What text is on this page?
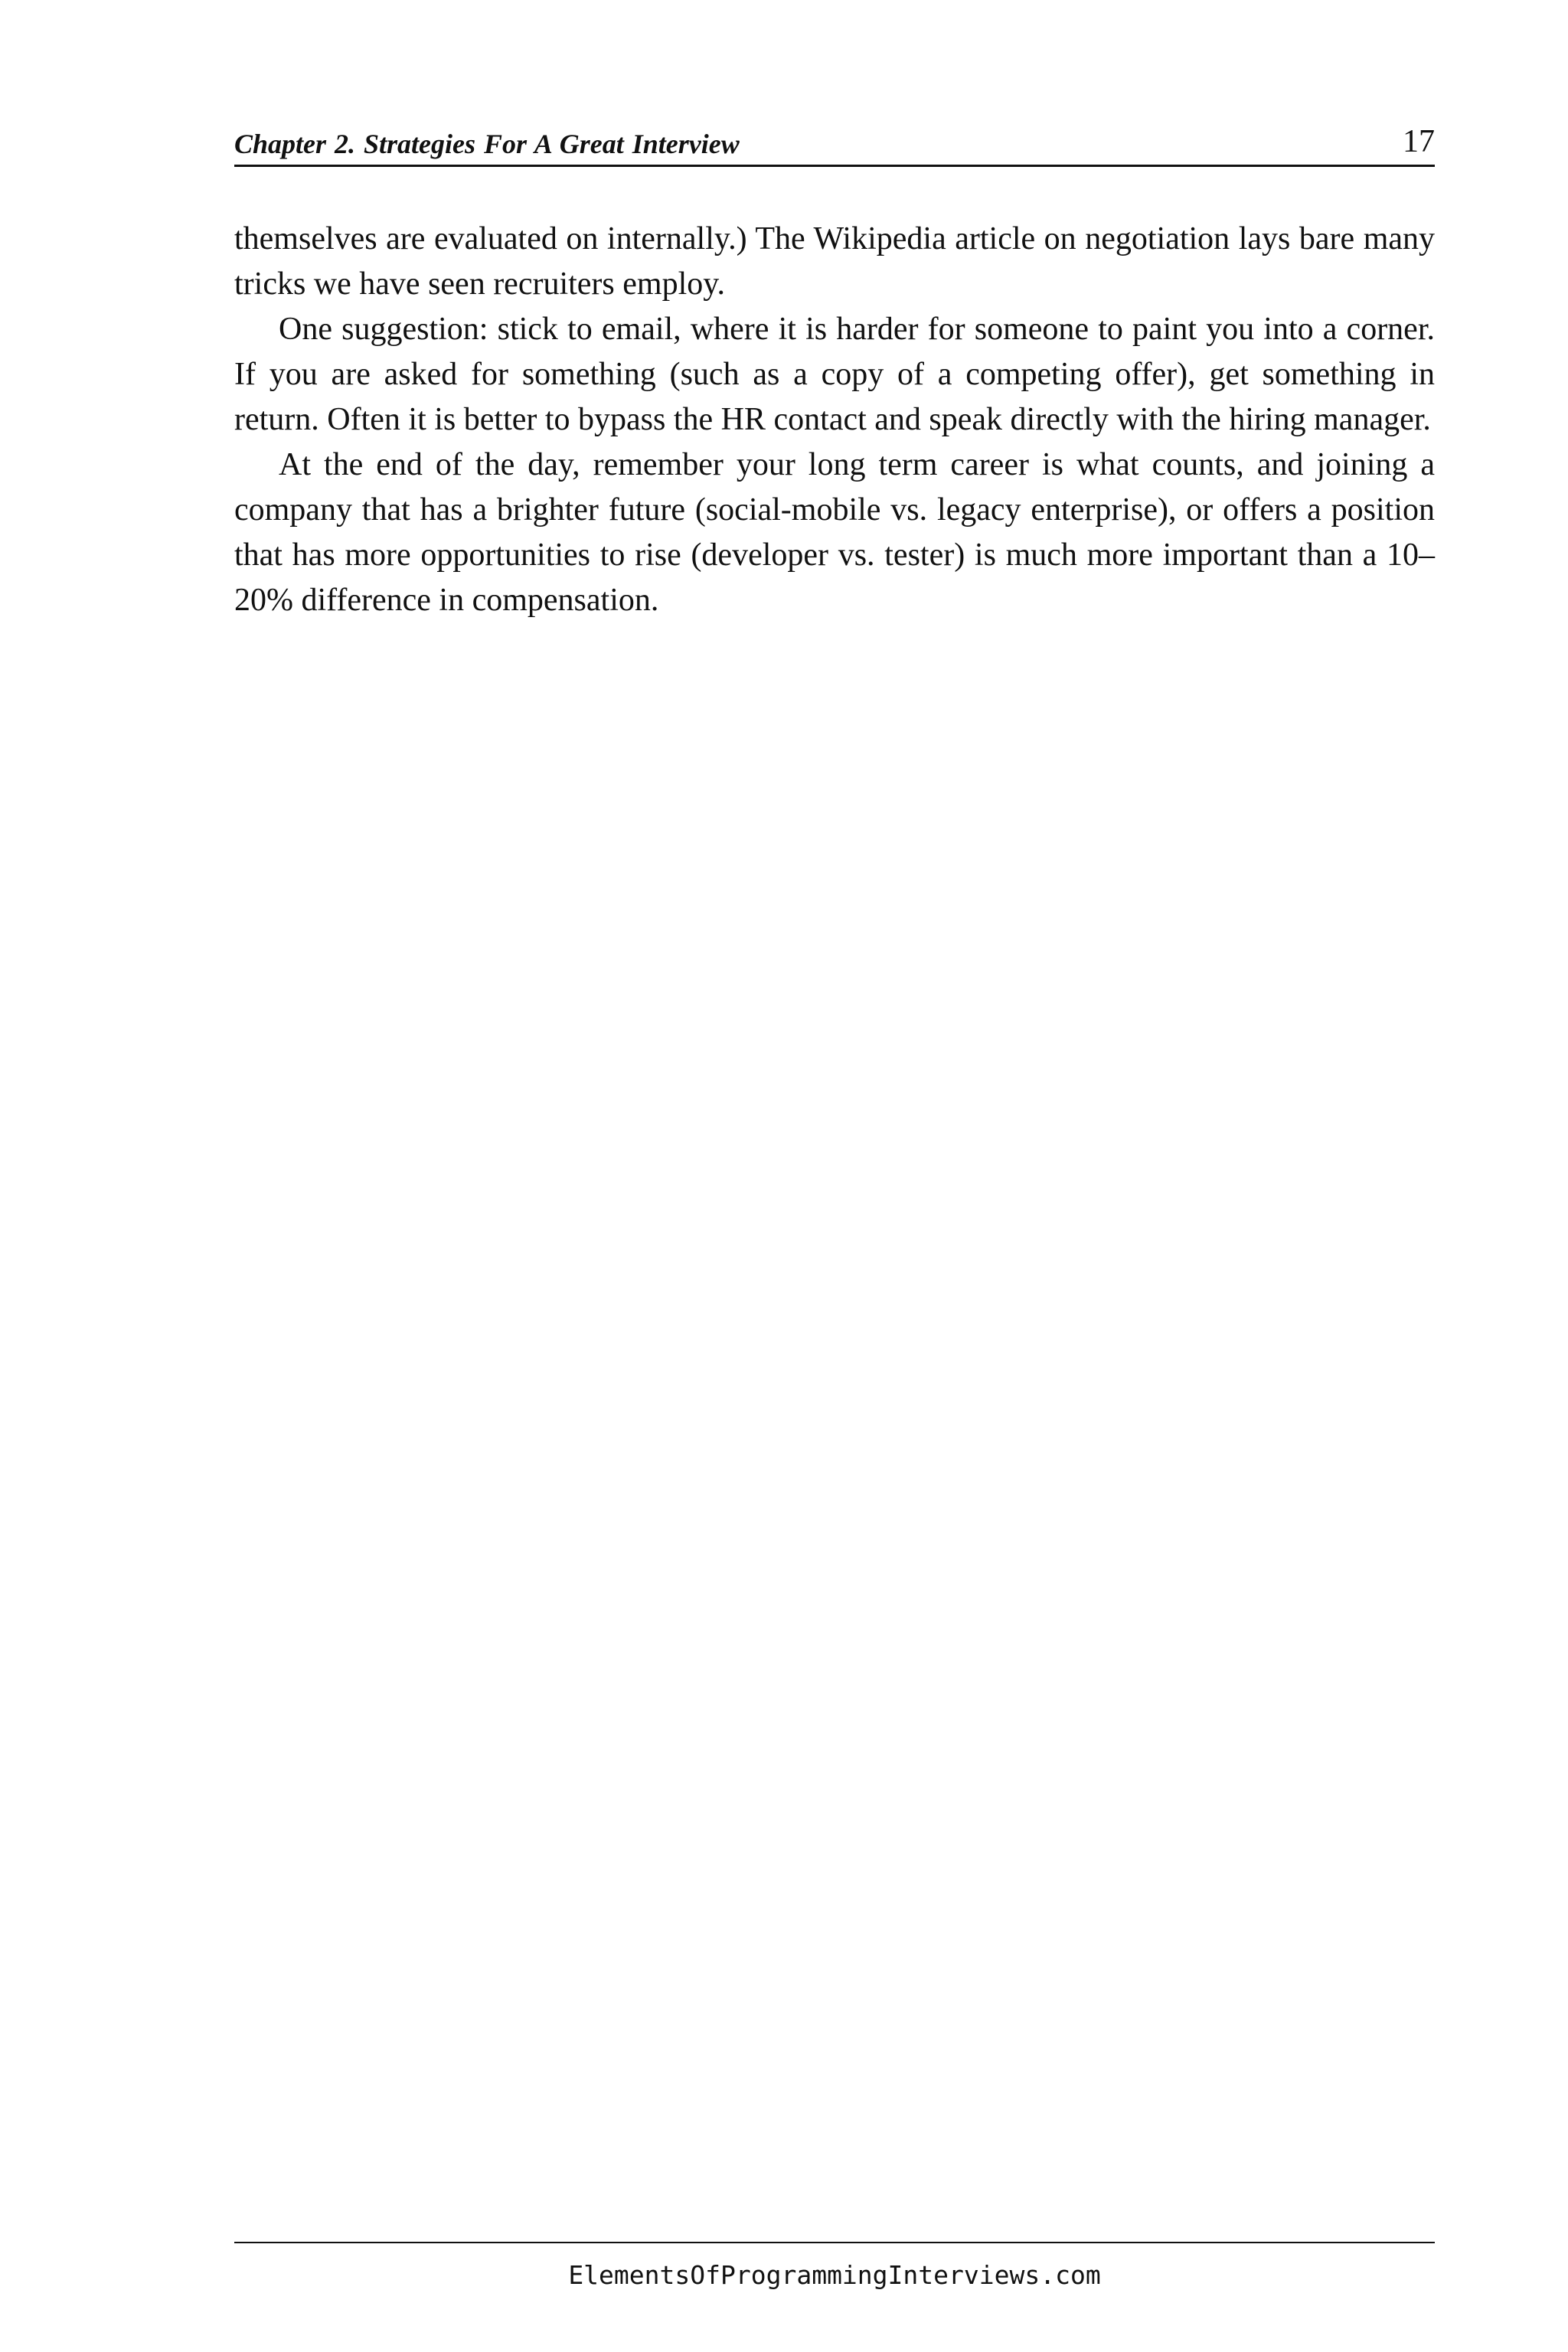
Chapter 2. Strategies For A Great Interview	17

themselves are evaluated on internally.) The Wikipedia article on negotiation lays bare many tricks we have seen recruiters employ.

One suggestion: stick to email, where it is harder for someone to paint you into a corner. If you are asked for something (such as a copy of a competing offer), get something in return. Often it is better to bypass the HR contact and speak directly with the hiring manager.

At the end of the day, remember your long term career is what counts, and joining a company that has a brighter future (social-mobile vs. legacy enterprise), or offers a position that has more opportunities to rise (developer vs. tester) is much more important than a 10–20% difference in compensation.

ElementsOfProgrammingInterviews.com
